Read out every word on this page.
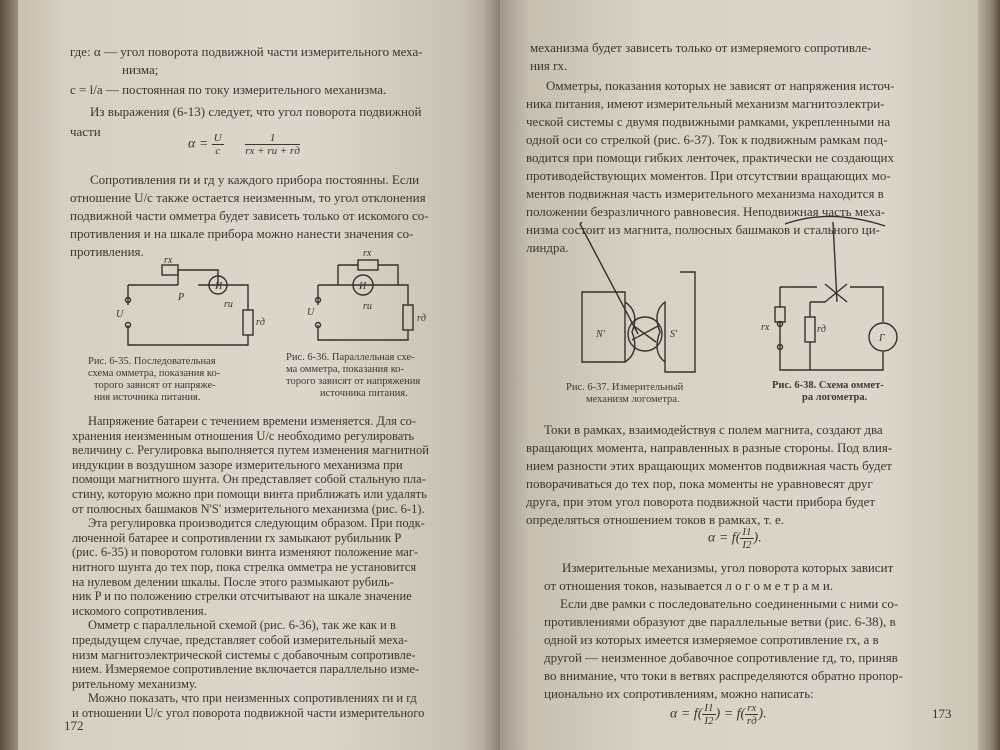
где: α — угол поворота подвижной части измерительного меха-
низма;
c = l/a — постоянная по току измерительного механизма.
Из выражения (6-13) следует, что угол поворота подвижной
части
$\alpha = \frac{U}{c}$
$\frac{1}{rx + rи + rд}$
Сопротивления rи и rд у каждого прибора постоянны. Если
отношение U/c также остается неизменным, то угол отклонения
подвижной части омметра будет зависеть только от искомого со-
противления и на шкале прибора можно нанести значения со-
противления.
rx
P
U
И
rи
rд
Рис. 6-35. Последовательная
схема омметра, показания ко-
торого зависят от напряже-
ния источника питания.
rx
И
U
rи
rд
Рис. 6-36. Параллельная схе-
ма омметра, показания ко-
торого зависят от напряжения
источника питания.
172
механизма будет зависеть только от измеряемого сопротивле-
ния rx.
Омметры, показания которых не зависят от напряжения источ-
ника питания, имеют измерительный механизм магнитоэлектри-
ческой системы с двумя подвижными рамками, укрепленными на
одной оси со стрелкой (рис. 6-37). Ток к подвижным рамкам под-
водится при помощи гибких ленточек, практически не создающих
противодействующих моментов. При отсутствии вращающих мо-
ментов подвижная часть измерительного механизма находится в
положении безразличного равновесия. Неподвижная часть меха-
низма состоит из магнита, полюсных башмаков и стального ци-
линдра.
N'	S'
Рис. 6-37. Измерительный
механизм логометра.
rx	rд
Г
Рис. 6-38. Схема оммет-
ра логометра.
Токи в рамках, взаимодействуя с полем магнита, создают два
вращающих момента, направленных в разные стороны. Под влия-
нием разности этих вращающих моментов подвижная часть будет
поворачиваться до тех пор, пока моменты не уравновесят друг
друга, при этом угол поворота подвижной части прибора будет
определяться отношением токов в рамках, т. е.
$\alpha = f( \frac{I1}{I2}$ ).
Измерительные механизмы, угол поворота которых зависит
от отношения токов, называется л о г о м е т р а м и.
Если две рамки с последовательно соединенными с ними со-
противлениями образуют две параллельные ветви (рис. 6-38), в
одной из которых имеется измеряемое сопротивление rx, а в
другой — неизменное добавочное сопротивление rд, то, приняв
во внимание, что токи в ветвях распределяются обратно пропор-
ционально их сопротивлениям, можно написать:
$\alpha = f( \frac{I1}{I2}$ ) = $f( \frac{rx}{rд}$ ).	173
Напряжение батареи с течением времени изменяется. Для со-
хранения неизменным отношения U/c необходимо регулировать
величину c. Регулировка выполняется путем изменения магнитной
индукции в воздушном зазоре измерительного механизма при
помощи магнитного шунта. Он представляет собой стальную пла-
стину, которую можно при помощи винта приближать или удалять
от полюсных башмаков N'S' измерительного механизма (рис. 6-1).
Эта регулировка производится следующим образом. При подк-
люченной батарее и сопротивлении rx замыкают рубильник P
(рис. 6-35) и поворотом головки винта изменяют положение маг-
нитного шунта до тех пор, пока стрелка омметра не установится
на нулевом делении шкалы. После этого размыкают рубиль-
ник P и по положению стрелки отсчитывают на шкале значение
искомого сопротивления.
Омметр с параллельной схемой (рис. 6-36), так же как и в
предыдущем случае, представляет собой измерительный меха-
низм магнитоэлектрической системы с добавочным сопротивле-
нием. Измеряемое сопротивление включается параллельно изме-
рительному механизму.
Можно показать, что при неизменных сопротивлениях rи и rд
и отношении U/c угол поворота подвижной части измерительного
